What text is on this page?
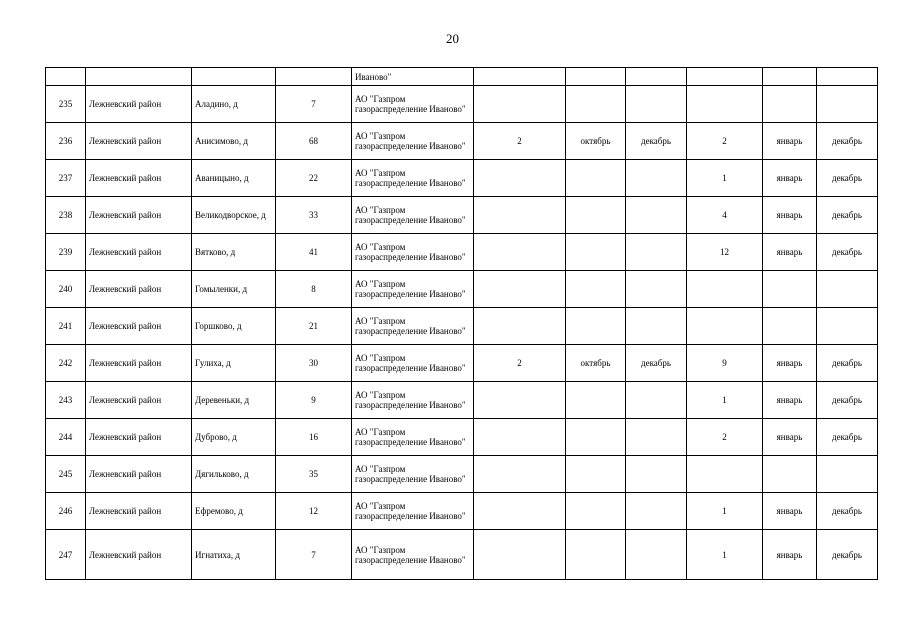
20
				Иваново"						
235	Лежневский район	Аладино, д	7	АО "Газпром газораспределение Иваново"						
236	Лежневский район	Анисимово, д	68	АО "Газпром газораспределение Иваново"	2	октябрь	декабрь	2	январь	декабрь
237	Лежневский район	Аваницыно, д	22	АО "Газпром газораспределение Иваново"				1	январь	декабрь
238	Лежневский район	Великодворское, д	33	АО "Газпром газораспределение Иваново"				4	январь	декабрь
239	Лежневский район	Вятково, д	41	АО "Газпром газораспределение Иваново"				12	январь	декабрь
240	Лежневский район	Гомыленки, д	8	АО "Газпром газораспределение Иваново"						
241	Лежневский район	Горшково, д	21	АО "Газпром газораспределение Иваново"						
242	Лежневский район	Гулиха, д	30	АО "Газпром газораспределение Иваново"	2	октябрь	декабрь	9	январь	декабрь
243	Лежневский район	Деревеньки, д	9	АО "Газпром газораспределение Иваново"				1	январь	декабрь
244	Лежневский район	Дуброво, д	16	АО "Газпром газораспределение Иваново"				2	январь	декабрь
245	Лежневский район	Дягильково, д	35	АО "Газпром газораспределение Иваново"						
246	Лежневский район	Ефремово, д	12	АО "Газпром газораспределение Иваново"				1	январь	декабрь
247	Лежневский район	Игнатиха, д	7	АО "Газпром газораспределение Иваново"				1	январь	декабрь
